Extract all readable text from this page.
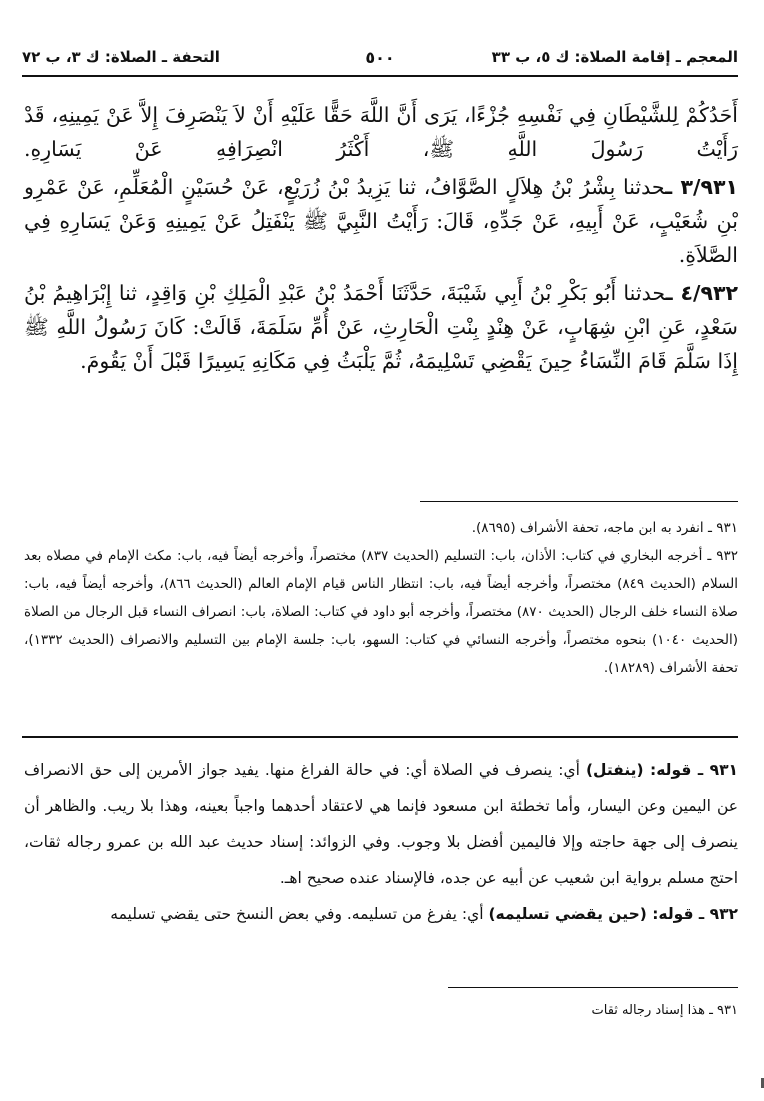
المعجم ـ إقامة الصلاة: ك ٥، ب ٣٣
٥٠٠
التحفة ـ الصلاة: ك ٣، ب ٧٢

أَحَدُكُمْ لِلشَّيْطَانِ فِي نَفْسِهِ جُزْءًا، يَرَى أَنَّ اللَّهَ حَقًّا عَلَيْهِ أَنْ لاَ يَنْصَرِفَ إِلاَّ عَنْ يَمِينِهِ، قَدْ رَأَيْتُ رَسُولَ اللَّهِ ﷺ، أَكْثَرُ انْصِرَافِهِ عَنْ يَسَارِهِ.

٣/٩٣١ ـحدثنا بِشْرُ بْنُ هِلاَلٍ الصَّوَّافُ، ثنا يَزِيدُ بْنُ زُرَيْعٍ، عَنْ حُسَيْنٍ الْمُعَلِّمِ، عَنْ عَمْرِو بْنِ شُعَيْبٍ، عَنْ أَبِيهِ، عَنْ جَدِّهِ، قَالَ: رَأَيْتُ النَّبِيَّ ﷺ يَنْفَتِلُ عَنْ يَمِينِهِ وَعَنْ يَسَارِهِ فِي الصَّلاَةِ.

٤/٩٣٢ ـحدثنا أَبُو بَكْرِ بْنُ أَبِي شَيْبَةَ، حَدَّثَنَا أَحْمَدُ بْنُ عَبْدِ الْمَلِكِ بْنِ وَاقِدٍ، ثنا إِبْرَاهِيمُ بْنُ سَعْدٍ، عَنِ ابْنِ شِهَابٍ، عَنْ هِنْدٍ بِنْتِ الْحَارِثِ، عَنْ أُمِّ سَلَمَةَ، قَالَتْ: كَانَ رَسُولُ اللَّهِ ﷺ إِذَا سَلَّمَ قَامَ النِّسَاءُ حِينَ يَقْضِي تَسْلِيمَهُ، ثُمَّ يَلْبَثُ فِي مَكَانِهِ يَسِيرًا قَبْلَ أَنْ يَقُومَ.

٩٣١ ـ انفرد به ابن ماجه، تحفة الأشراف (٨٦٩٥).

٩٣٢ ـ أخرجه البخاري في كتاب: الأذان، باب: التسليم (الحديث ٨٣٧) مختصراً، وأخرجه أيضاً فيه، باب: مكث الإمام في مصلاه بعد السلام (الحديث ٨٤٩) مختصراً، وأخرجه أيضاً فيه، باب: انتظار الناس قيام الإمام العالم (الحديث ٨٦٦)، وأخرجه أيضاً فيه، باب: صلاة النساء خلف الرجال (الحديث ٨٧٠) مختصراً، وأخرجه أبو داود في كتاب: الصلاة، باب: انصراف النساء قبل الرجال من الصلاة (الحديث ١٠٤٠) بنحوه مختصراً، وأخرجه النسائي في كتاب: السهو، باب: جلسة الإمام بين التسليم والانصراف (الحديث ١٣٣٢)، تحفة الأشراف (١٨٢٨٩).

٩٣١ ـ قوله: (ينفتل) أي: ينصرف في الصلاة أي: في حالة الفراغ منها. يفيد جواز الأمرين إلى حق الانصراف عن اليمين وعن اليسار، وأما تخطئة ابن مسعود فإنما هي لاعتقاد أحدهما واجباً بعينه، وهذا بلا ريب. والظاهر أن ينصرف إلى جهة حاجته وإلا فاليمين أفضل بلا وجوب. وفي الزوائد: إسناد حديث عبد الله بن عمرو رجاله ثقات، احتج مسلم برواية ابن شعيب عن أبيه عن جده، فالإسناد عنده صحيح اهـ.

٩٣٢ ـ قوله: (حين يقضي تسليمه) أي: يفرغ من تسليمه. وفي بعض النسخ حتى يقضي تسليمه

٩٣١ ـ هذا إسناد رجاله ثقات
